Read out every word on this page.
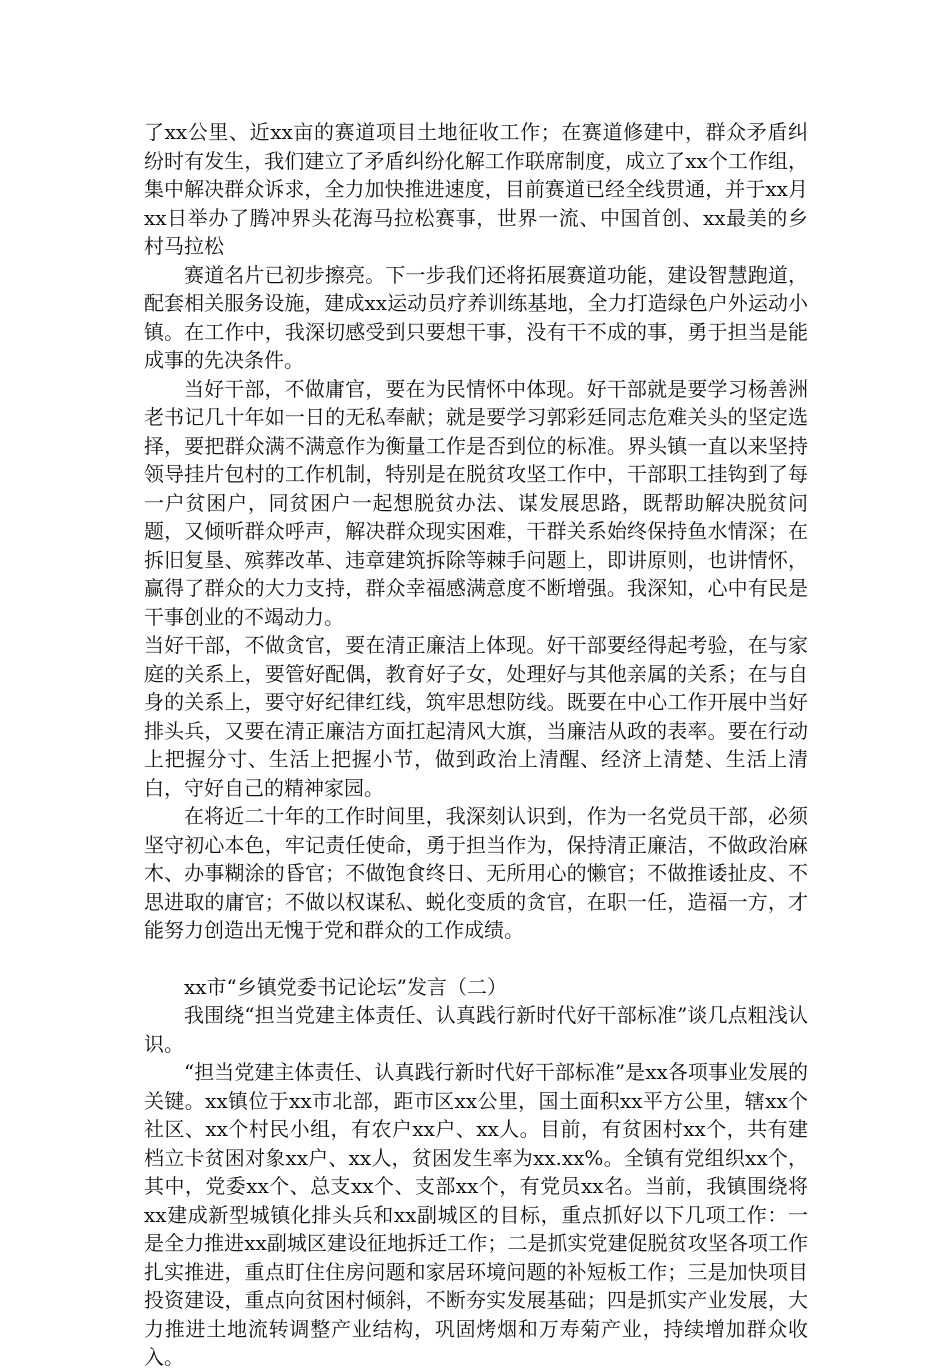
了xx公里、近xx亩的赛道项目土地征收工作；在赛道修建中，群众矛盾纠纷时有发生，我们建立了矛盾纠纷化解工作联席制度，成立了xx个工作组，集中解决群众诉求，全力加快推进速度，目前赛道已经全线贯通，并于xx月xx日举办了腾冲界头花海马拉松赛事，世界一流、中国首创、xx最美的乡村马拉松

赛道名片已初步擦亮。下一步我们还将拓展赛道功能，建设智慧跑道，配套相关服务设施，建成xx运动员疗养训练基地，全力打造绿色户外运动小镇。在工作中，我深切感受到只要想干事，没有干不成的事，勇于担当是能成事的先决条件。

当好干部，不做庸官，要在为民情怀中体现。好干部就是要学习杨善洲老书记几十年如一日的无私奉献；就是要学习郭彩廷同志危难关头的坚定选择，要把群众满不满意作为衡量工作是否到位的标准。界头镇一直以来坚持领导挂片包村的工作机制，特别是在脱贫攻坚工作中，干部职工挂钩到了每一户贫困户，同贫困户一起想脱贫办法、谋发展思路，既帮助解决脱贫问题，又倾听群众呼声，解决群众现实困难，干群关系始终保持鱼水情深；在拆旧复垦、殡葬改革、违章建筑拆除等棘手问题上，即讲原则，也讲情怀，赢得了群众的大力支持，群众幸福感满意度不断增强。我深知，心中有民是干事创业的不竭动力。

当好干部，不做贪官，要在清正廉洁上体现。好干部要经得起考验，在与家庭的关系上，要管好配偶，教育好子女，处理好与其他亲属的关系；在与自身的关系上，要守好纪律红线，筑牢思想防线。既要在中心工作开展中当好排头兵，又要在清正廉洁方面扛起清风大旗，当廉洁从政的表率。要在行动上把握分寸、生活上把握小节，做到政治上清醒、经济上清楚、生活上清白，守好自己的精神家园。

在将近二十年的工作时间里，我深刻认识到，作为一名党员干部，必须坚守初心本色，牢记责任使命，勇于担当作为，保持清正廉洁，不做政治麻木、办事糊涂的昏官；不做饱食终日、无所用心的懒官；不做推诿扯皮、不思进取的庸官；不做以权谋私、蜕化变质的贪官，在职一任，造福一方，才能努力创造出无愧于党和群众的工作成绩。

xx市“乡镇党委书记论坛”发言（二）

我围绕“担当党建主体责任、认真践行新时代好干部标准”谈几点粗浅认识。

“担当党建主体责任、认真践行新时代好干部标准”是xx各项事业发展的关键。xx镇位于xx市北部，距市区xx公里，国土面积xx平方公里，辖xx个社区、xx个村民小组，有农户xx户、xx人。目前，有贫困村xx个，共有建档立卡贫困对象xx户、xx人，贫困发生率为xx.xx%。全镇有党组织xx个，其中，党委xx个、总支xx个、支部xx个，有党员xx名。当前，我镇围绕将xx建成新型城镇化排头兵和xx副城区的目标，重点抓好以下几项工作：一是全力推进xx副城区建设征地拆迁工作；二是抓实党建促脱贫攻坚各项工作扎实推进，重点盯住住房问题和家居环境问题的补短板工作；三是加快项目投资建设，重点向贫困村倾斜，不断夯实发展基础；四是抓实产业发展，大力推进土地流转调整产业结构，巩固烤烟和万寿菊产业，持续增加群众收入。
